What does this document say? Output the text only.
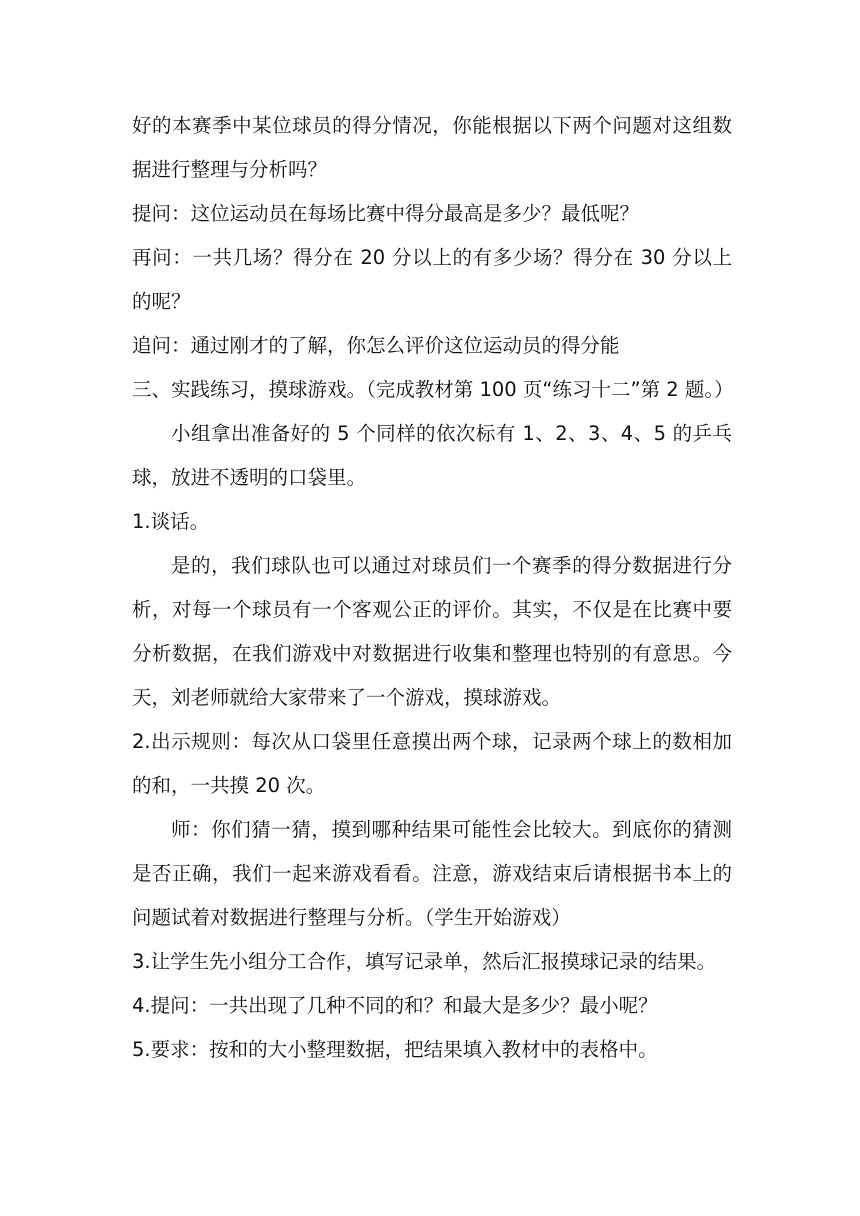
好的本赛季中某位球员的得分情况，你能根据以下两个问题对这组数据进行整理与分析吗？

提问：这位运动员在每场比赛中得分最高是多少？最低呢？

再问：一共几场？得分在 20 分以上的有多少场？得分在 30 分以上的呢？

追问：通过刚才的了解，你怎么评价这位运动员的得分能

三、实践练习，摸球游戏。（完成教材第 100 页“练习十二”第 2 题。）

小组拿出准备好的 5 个同样的依次标有 1、2、3、4、5 的乒乓球，放进不透明的口袋里。

1.谈话。

是的，我们球队也可以通过对球员们一个赛季的得分数据进行分析，对每一个球员有一个客观公正的评价。其实，不仅是在比赛中要分析数据，在我们游戏中对数据进行收集和整理也特别的有意思。今天，刘老师就给大家带来了一个游戏，摸球游戏。

2.出示规则：每次从口袋里任意摸出两个球，记录两个球上的数相加的和，一共摸 20 次。

师：你们猜一猜，摸到哪种结果可能性会比较大。到底你的猜测是否正确，我们一起来游戏看看。注意，游戏结束后请根据书本上的问题试着对数据进行整理与分析。（学生开始游戏）

3.让学生先小组分工合作，填写记录单，然后汇报摸球记录的结果。

4.提问：一共出现了几种不同的和？和最大是多少？最小呢？

5.要求：按和的大小整理数据，把结果填入教材中的表格中。
